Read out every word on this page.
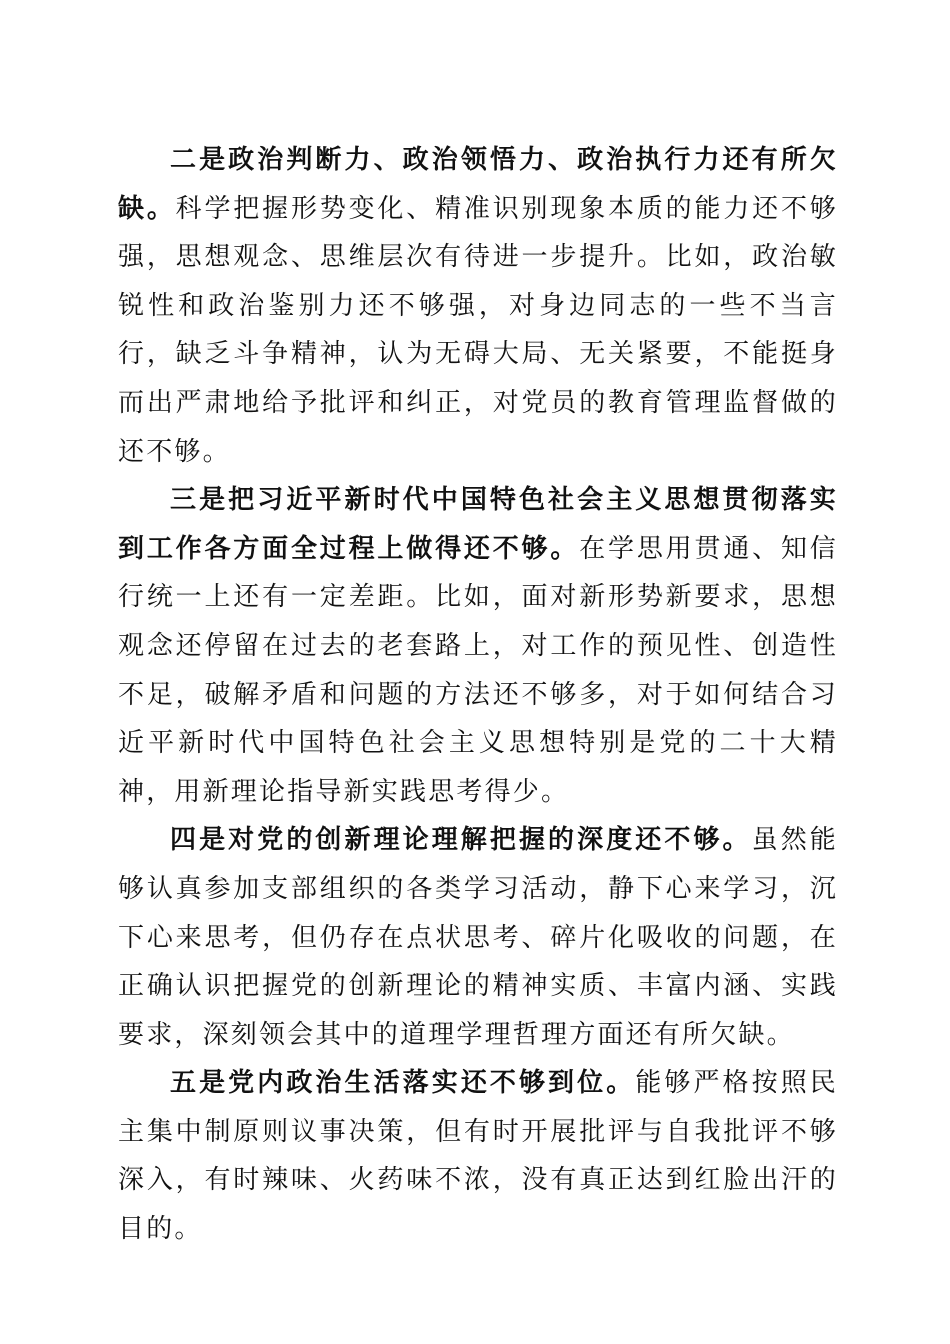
二是政治判断力、政治领悟力、政治执行力还有所欠缺。科学把握形势变化、精准识别现象本质的能力还不够强，思想观念、思维层次有待进一步提升。比如，政治敏锐性和政治鉴别力还不够强，对身边同志的一些不当言行，缺乏斗争精神，认为无碍大局、无关紧要，不能挺身而出严肃地给予批评和纠正，对党员的教育管理监督做的还不够。

三是把习近平新时代中国特色社会主义思想贯彻落实到工作各方面全过程上做得还不够。在学思用贯通、知信行统一上还有一定差距。比如，面对新形势新要求，思想观念还停留在过去的老套路上，对工作的预见性、创造性不足，破解矛盾和问题的方法还不够多，对于如何结合习近平新时代中国特色社会主义思想特别是党的二十大精神，用新理论指导新实践思考得少。

四是对党的创新理论理解把握的深度还不够。虽然能够认真参加支部组织的各类学习活动，静下心来学习，沉下心来思考，但仍存在点状思考、碎片化吸收的问题，在正确认识把握党的创新理论的精神实质、丰富内涵、实践要求，深刻领会其中的道理学理哲理方面还有所欠缺。

五是党内政治生活落实还不够到位。能够严格按照民主集中制原则议事决策，但有时开展批评与自我批评不够深入，有时辣味、火药味不浓，没有真正达到红脸出汗的目的。
